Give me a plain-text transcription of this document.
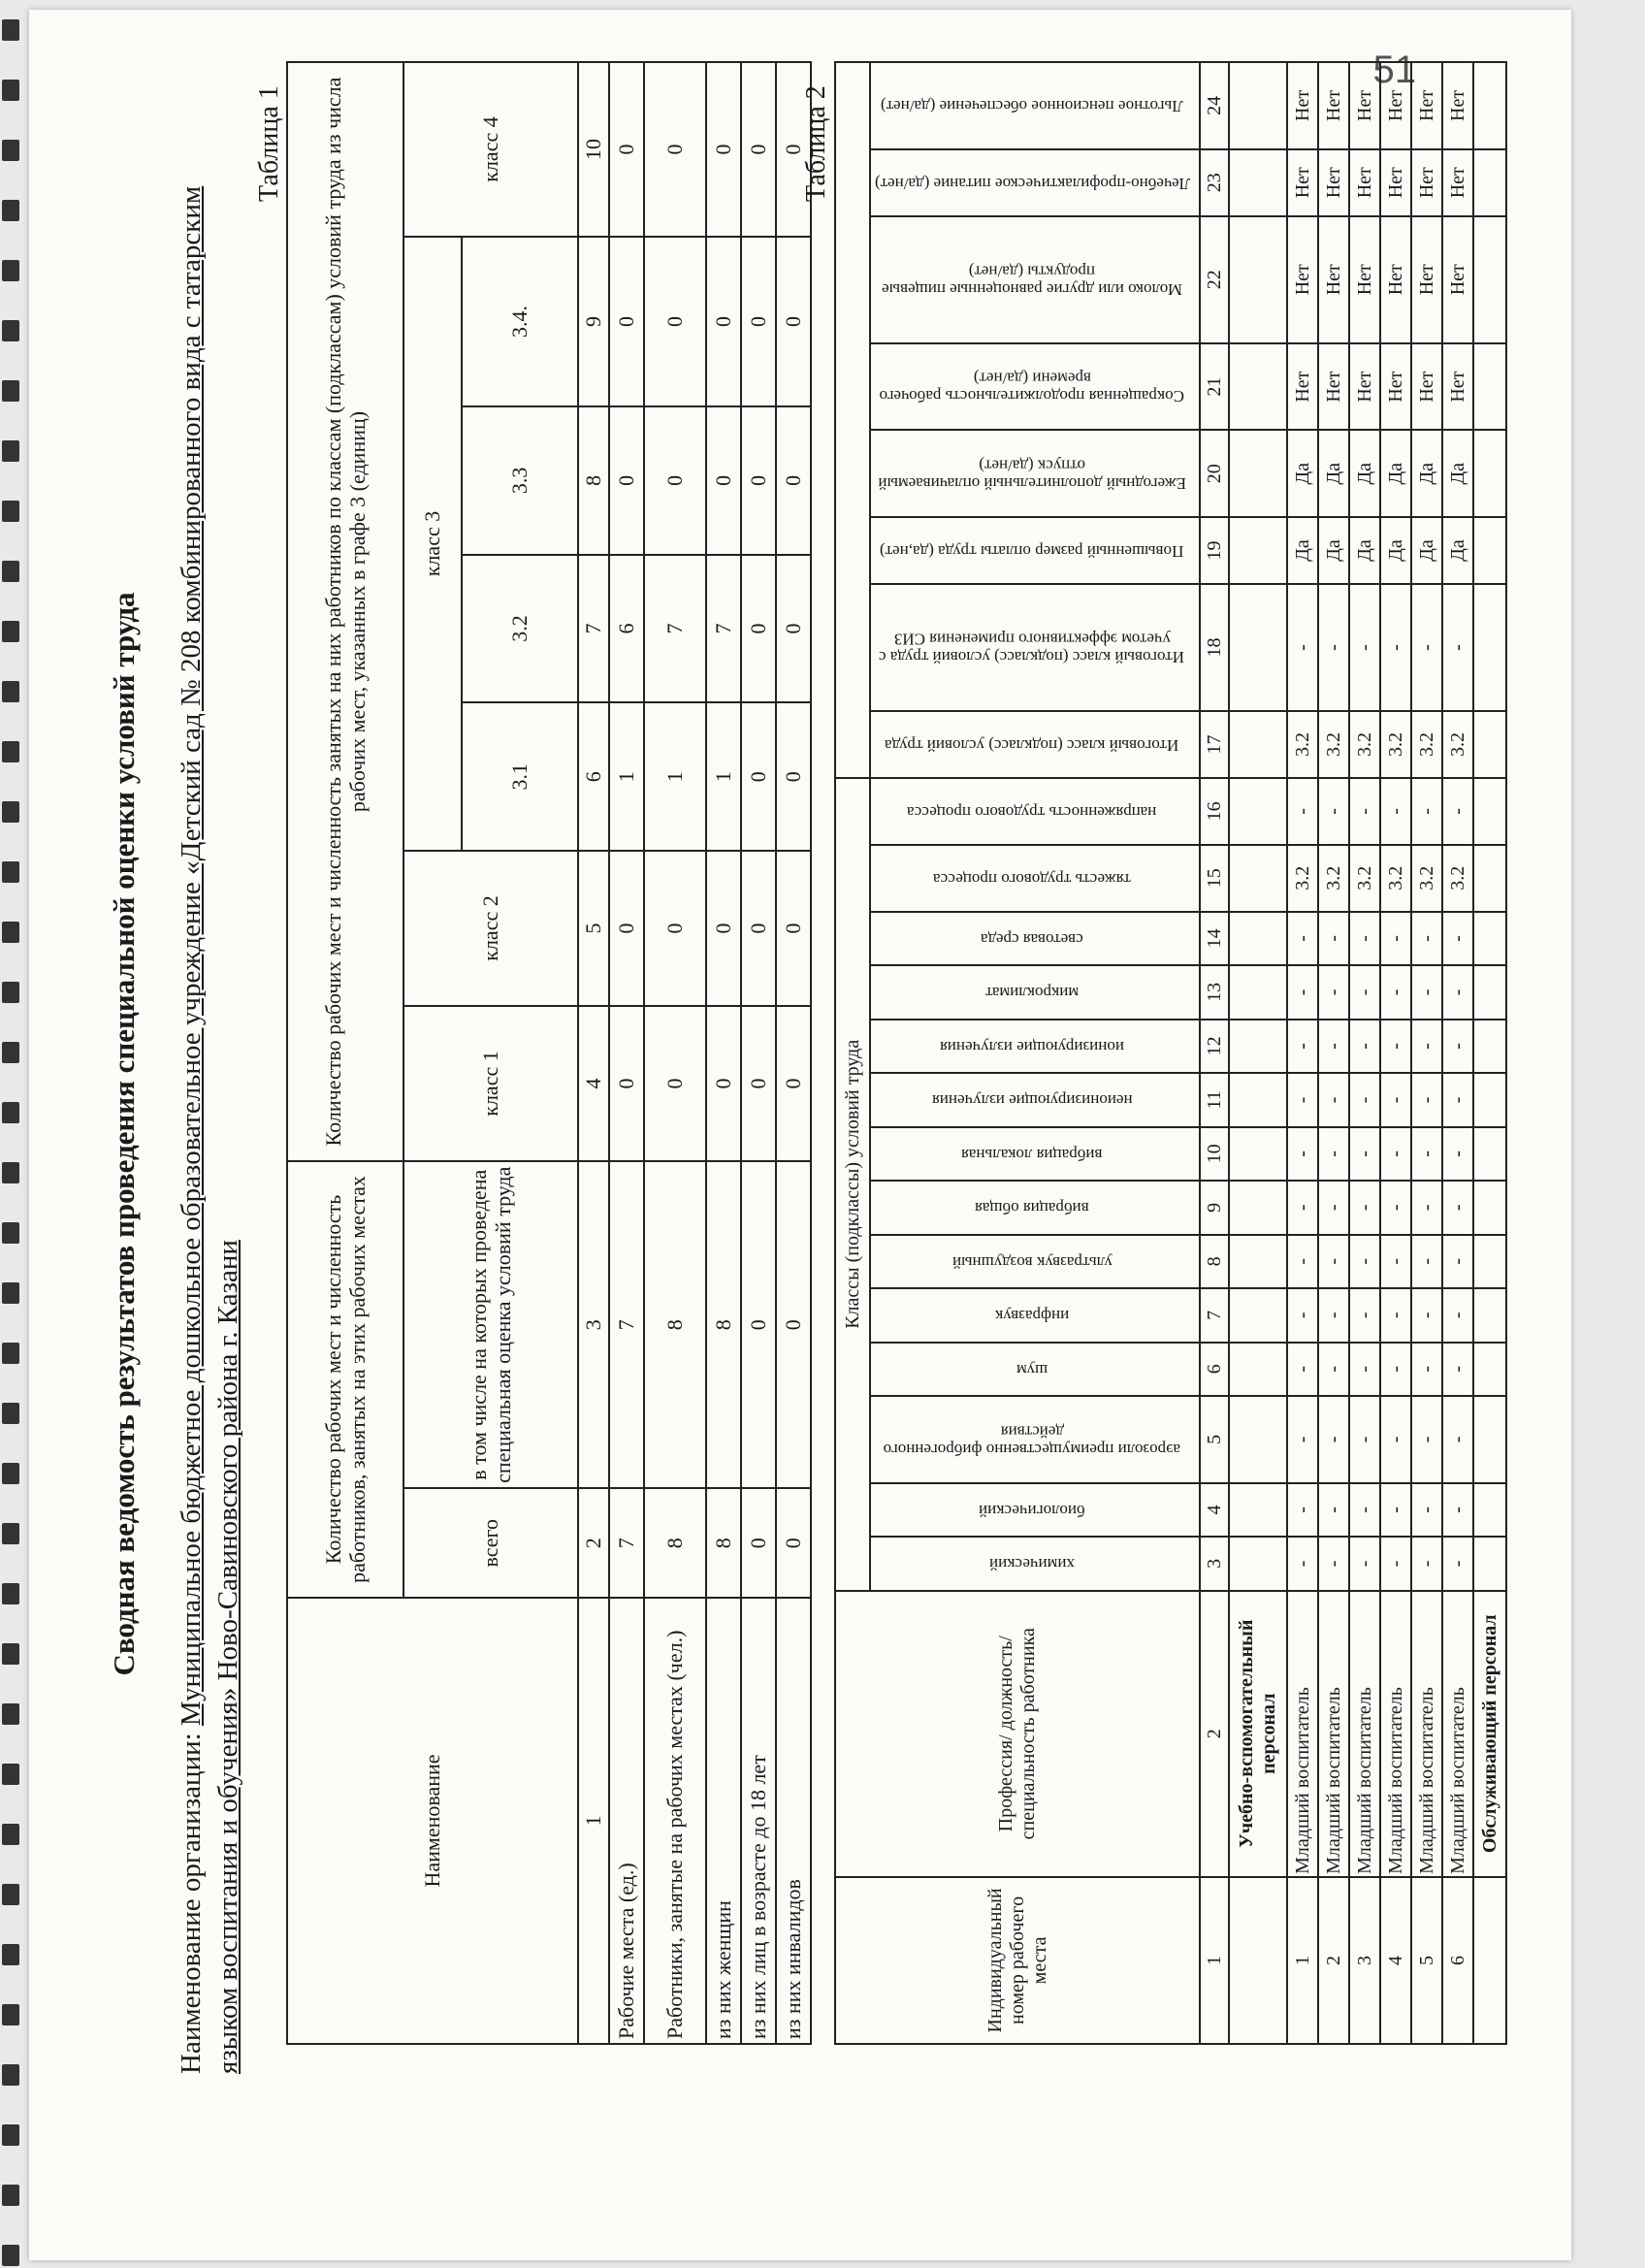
51
Сводная ведомость результатов проведения специальной оценки условий труда
Наименование организации: Муниципальное бюджетное дошкольное образовательное учреждение «Детский сад № 208 комбинированного вида с татарским языком воспитания и обучения» Ново-Савиновского района г. Казани
Таблица 1
Наименование	Количество рабочих мест и численность работников, занятых на этих рабочих местах		Количество рабочих мест и численность занятых на них работников по классам (подклассам) условий труда из числа рабочих мест, указанных в графе 3 (единиц)						
	всего	в том числе на которых проведена специальная оценка условий труда	класс 1	класс 2	класс 3				класс 4
					3.1	3.2	3.3	3.4.	
1	2	3	4	5	6	7	8	9	10
Рабочие места (ед.)	7	7	0	0	1	6	0	0	0
Работники, занятые на рабочих местах (чел.)	8	8	0	0	1	7	0	0	0
из них женщин	8	8	0	0	1	7	0	0	0
из них лиц в возрасте до 18 лет	0	0	0	0	0	0	0	0	0
из них инвалидов	0	0	0	0	0	0	0	0	0
Таблица 2
Индивидуальный номер рабочего места	Профессия/ должность/ специальность работника	Классы (подклассы) условий труда																					
		химический	биологический	аэрозоли преимущественно фиброгенного действия	шум	инфразвук	ультразвук воздушный	вибрация общая	вибрация локальная	неионизирующие излучения	ионизирующие излучения	микроклимат	световая среда	тяжесть трудового процесса	напряженность трудового процесса	Итоговый класс (подкласс) условий труда	Итоговый класс (подкласс) условий труда с учетом эффективного применения СИЗ	Повышенный размер оплаты труда (да,нет)	Ежегодный дополнительный оплачиваемый отпуск (да/нет)	Сокращенная продолжительность рабочего времени (да/нет)	Молоко или другие равноценные пищевые продукты (да/нет)	Лечебно-профилактическое питание (да/нет)	Льготное пенсионное обеспечение (да/нет)
1	2	3	4	5	6	7	8	9	10	11	12	13	14	15	16	17	18	19	20	21	22	23	24
	Учебно-вспомогательный персонал																						
1	Младший воспитатель	-	-	-	-	-	-	-	-	-	-	-	-	3.2	-	3.2	-	Да	Да	Нет	Нет	Нет	Нет
2	Младший воспитатель	-	-	-	-	-	-	-	-	-	-	-	-	3.2	-	3.2	-	Да	Да	Нет	Нет	Нет	Нет
3	Младший воспитатель	-	-	-	-	-	-	-	-	-	-	-	-	3.2	-	3.2	-	Да	Да	Нет	Нет	Нет	Нет
4	Младший воспитатель	-	-	-	-	-	-	-	-	-	-	-	-	3.2	-	3.2	-	Да	Да	Нет	Нет	Нет	Нет
5	Младший воспитатель	-	-	-	-	-	-	-	-	-	-	-	-	3.2	-	3.2	-	Да	Да	Нет	Нет	Нет	Нет
6	Младший воспитатель	-	-	-	-	-	-	-	-	-	-	-	-	3.2	-	3.2	-	Да	Да	Нет	Нет	Нет	Нет
	Обслуживающий персонал																						
